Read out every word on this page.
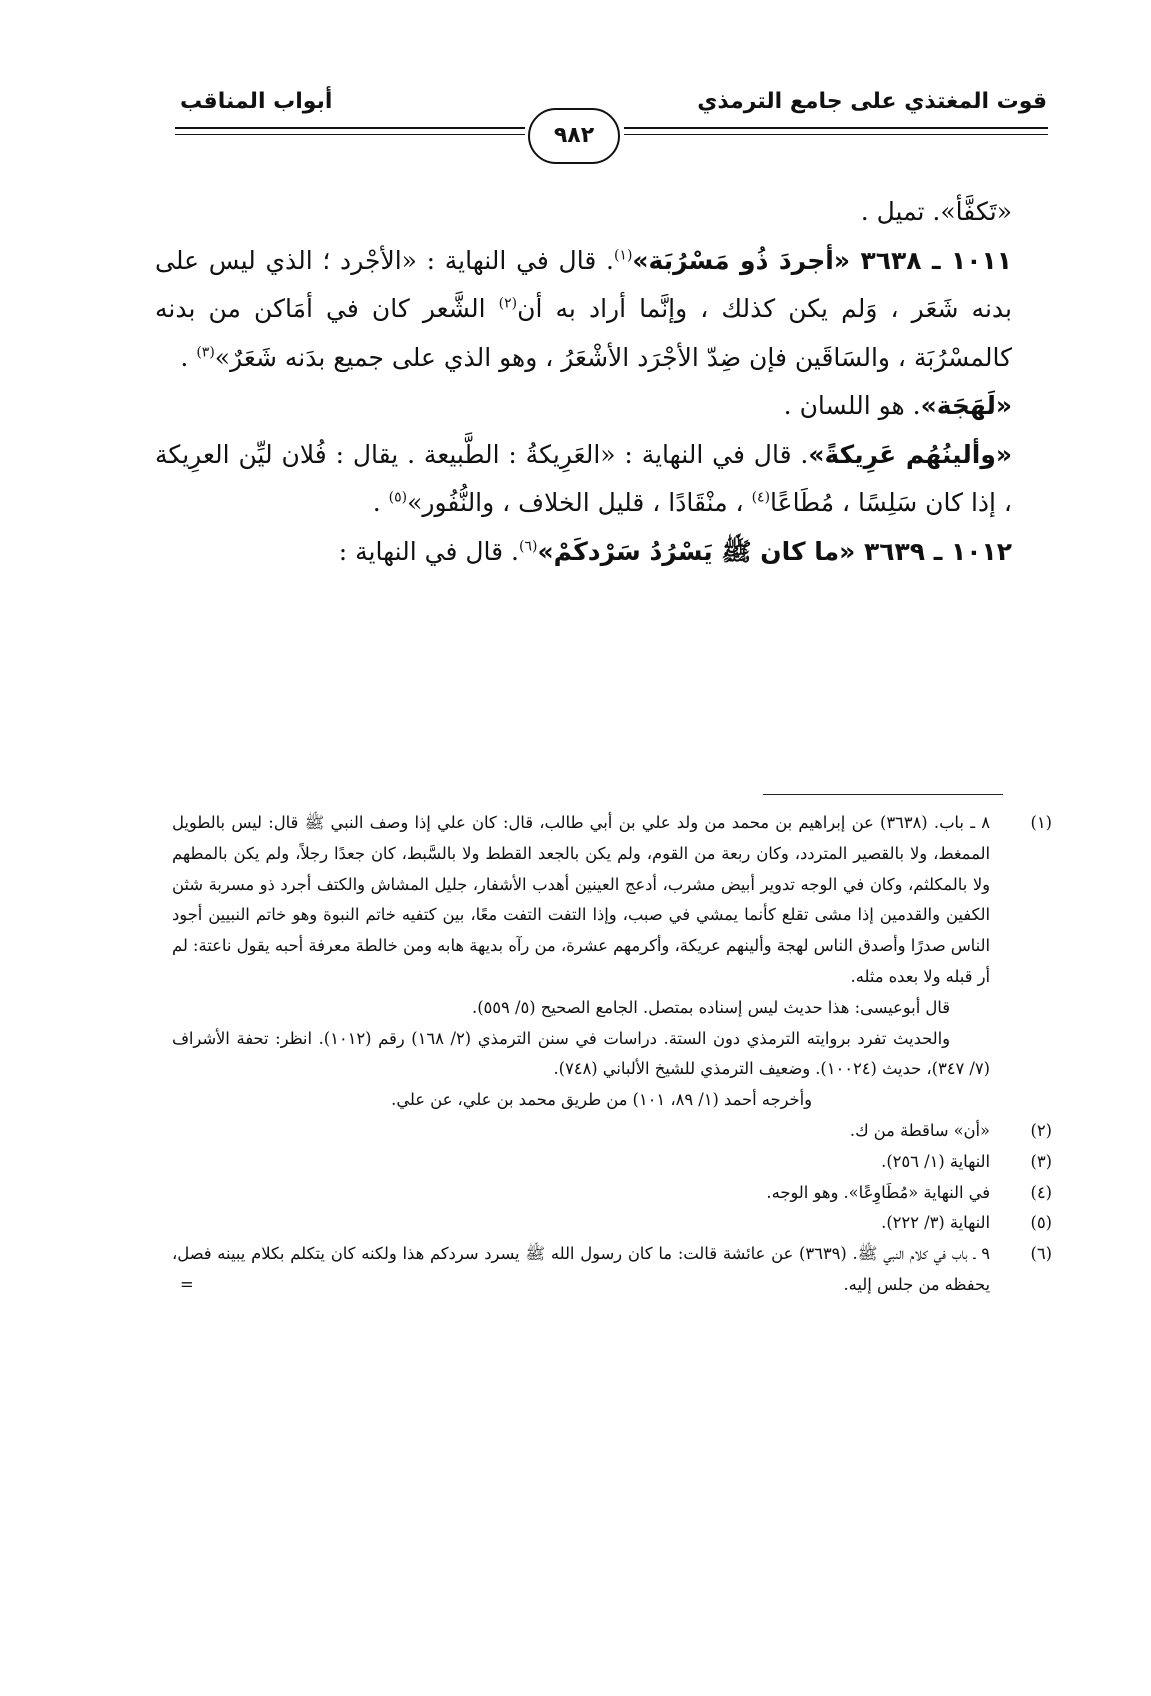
قوت المغتذي على جامع الترمذي
أبواب المناقب
٩٨٢

«تَكفَّأ». تميل .

١٠١١ ـ ٣٦٣٨ «أجردَ ذُو مَسْرُبَة»$^{(١)}$. قال في النهاية : «الأجْرد ؛ الذي ليس على بدنه شَعَر ، وَلم يكن كذلك ، وإنَّما أراد به أن$^{(٢)}$ الشَّعر كان في أمَاكن من بدنه كالمسْرُبَة ، والسَاقَين فإن ضِدّ الأجْرَد الأشْعَرُ ، وهو الذي على جميع بدَنه شَعَرٌ»$^{(٣)}$ .

«لَهَجَة». هو اللسان .

«وألينُهُم عَرِيكةً». قال في النهاية : «العَرِيكةُ : الطَّبيعة . يقال : فُلان ليِّن العرِيكة ، إذا كان سَلِسًا ، مُطَاعًا$^{(٤)}$ ، منْقَادًا ، قليل الخلاف ، والنُّفُور»$^{(٥)}$ .

١٠١٢ ـ ٣٦٣٩ «ما كان ﷺ يَسْرُدُ سَرْدكَمْ»$^{(٦)}$. قال في النهاية :

(١)
٨ ـ باب. (٣٦٣٨) عن إبراهيم بن محمد من ولد علي بن أبي طالب، قال: كان علي إذا وصف النبي ﷺ قال: ليس بالطويل الممغط، ولا بالقصير المتردد، وكان ربعة من القوم، ولم يكن بالجعد القطط ولا بالسَّبط، كان جعدًا رجلاً، ولم يكن بالمطهم ولا بالمكلثم، وكان في الوجه تدوير أبيض مشرب، أدعج العينين أهدب الأشفار، جليل المشاش والكتف أجرد ذو مسربة شثن الكفين والقدمين إذا مشى تقلع كأنما يمشي في صبب، وإذا التفت التفت معًا، بين كتفيه خاتم النبوة وهو خاتم النبيين أجود الناس صدرًا وأصدق الناس لهجة وألينهم عريكة، وأكرمهم عشرة، من رآه بديهة هابه ومن خالطة معرفة أحبه يقول ناعتة: لم أر قبله ولا بعده مثله.
قال أبوعيسى: هذا حديث ليس إسناده بمتصل. الجامع الصحيح (٥/ ٥٥٩).
والحديث تفرد بروايته الترمذي دون الستة. دراسات في سنن الترمذي (٢/ ١٦٨) رقم (١٠١٢). انظر: تحفة الأشراف (٧/ ٣٤٧)، حديث (١٠٠٢٤). وضعيف الترمذي للشيخ الألباني (٧٤٨).
وأخرجه أحمد (١/ ٨٩، ١٠١) من طريق محمد بن علي، عن علي.
(٢)
«أن» ساقطة من ك.
(٣)
النهاية (١/ ٢٥٦).
(٤)
في النهاية «مُطَاوِعًا». وهو الوجه.
(٥)
النهاية (٣/ ٢٢٢).
(٦)
٩ ـ باب في كلام النبي ﷺ. (٣٦٣٩) عن عائشة قالت: ما كان رسول الله ﷺ يسرد سردكم هذا ولكنه كان يتكلم بكلام يبينه فصل، يحفظه من جلس إليه.
=
